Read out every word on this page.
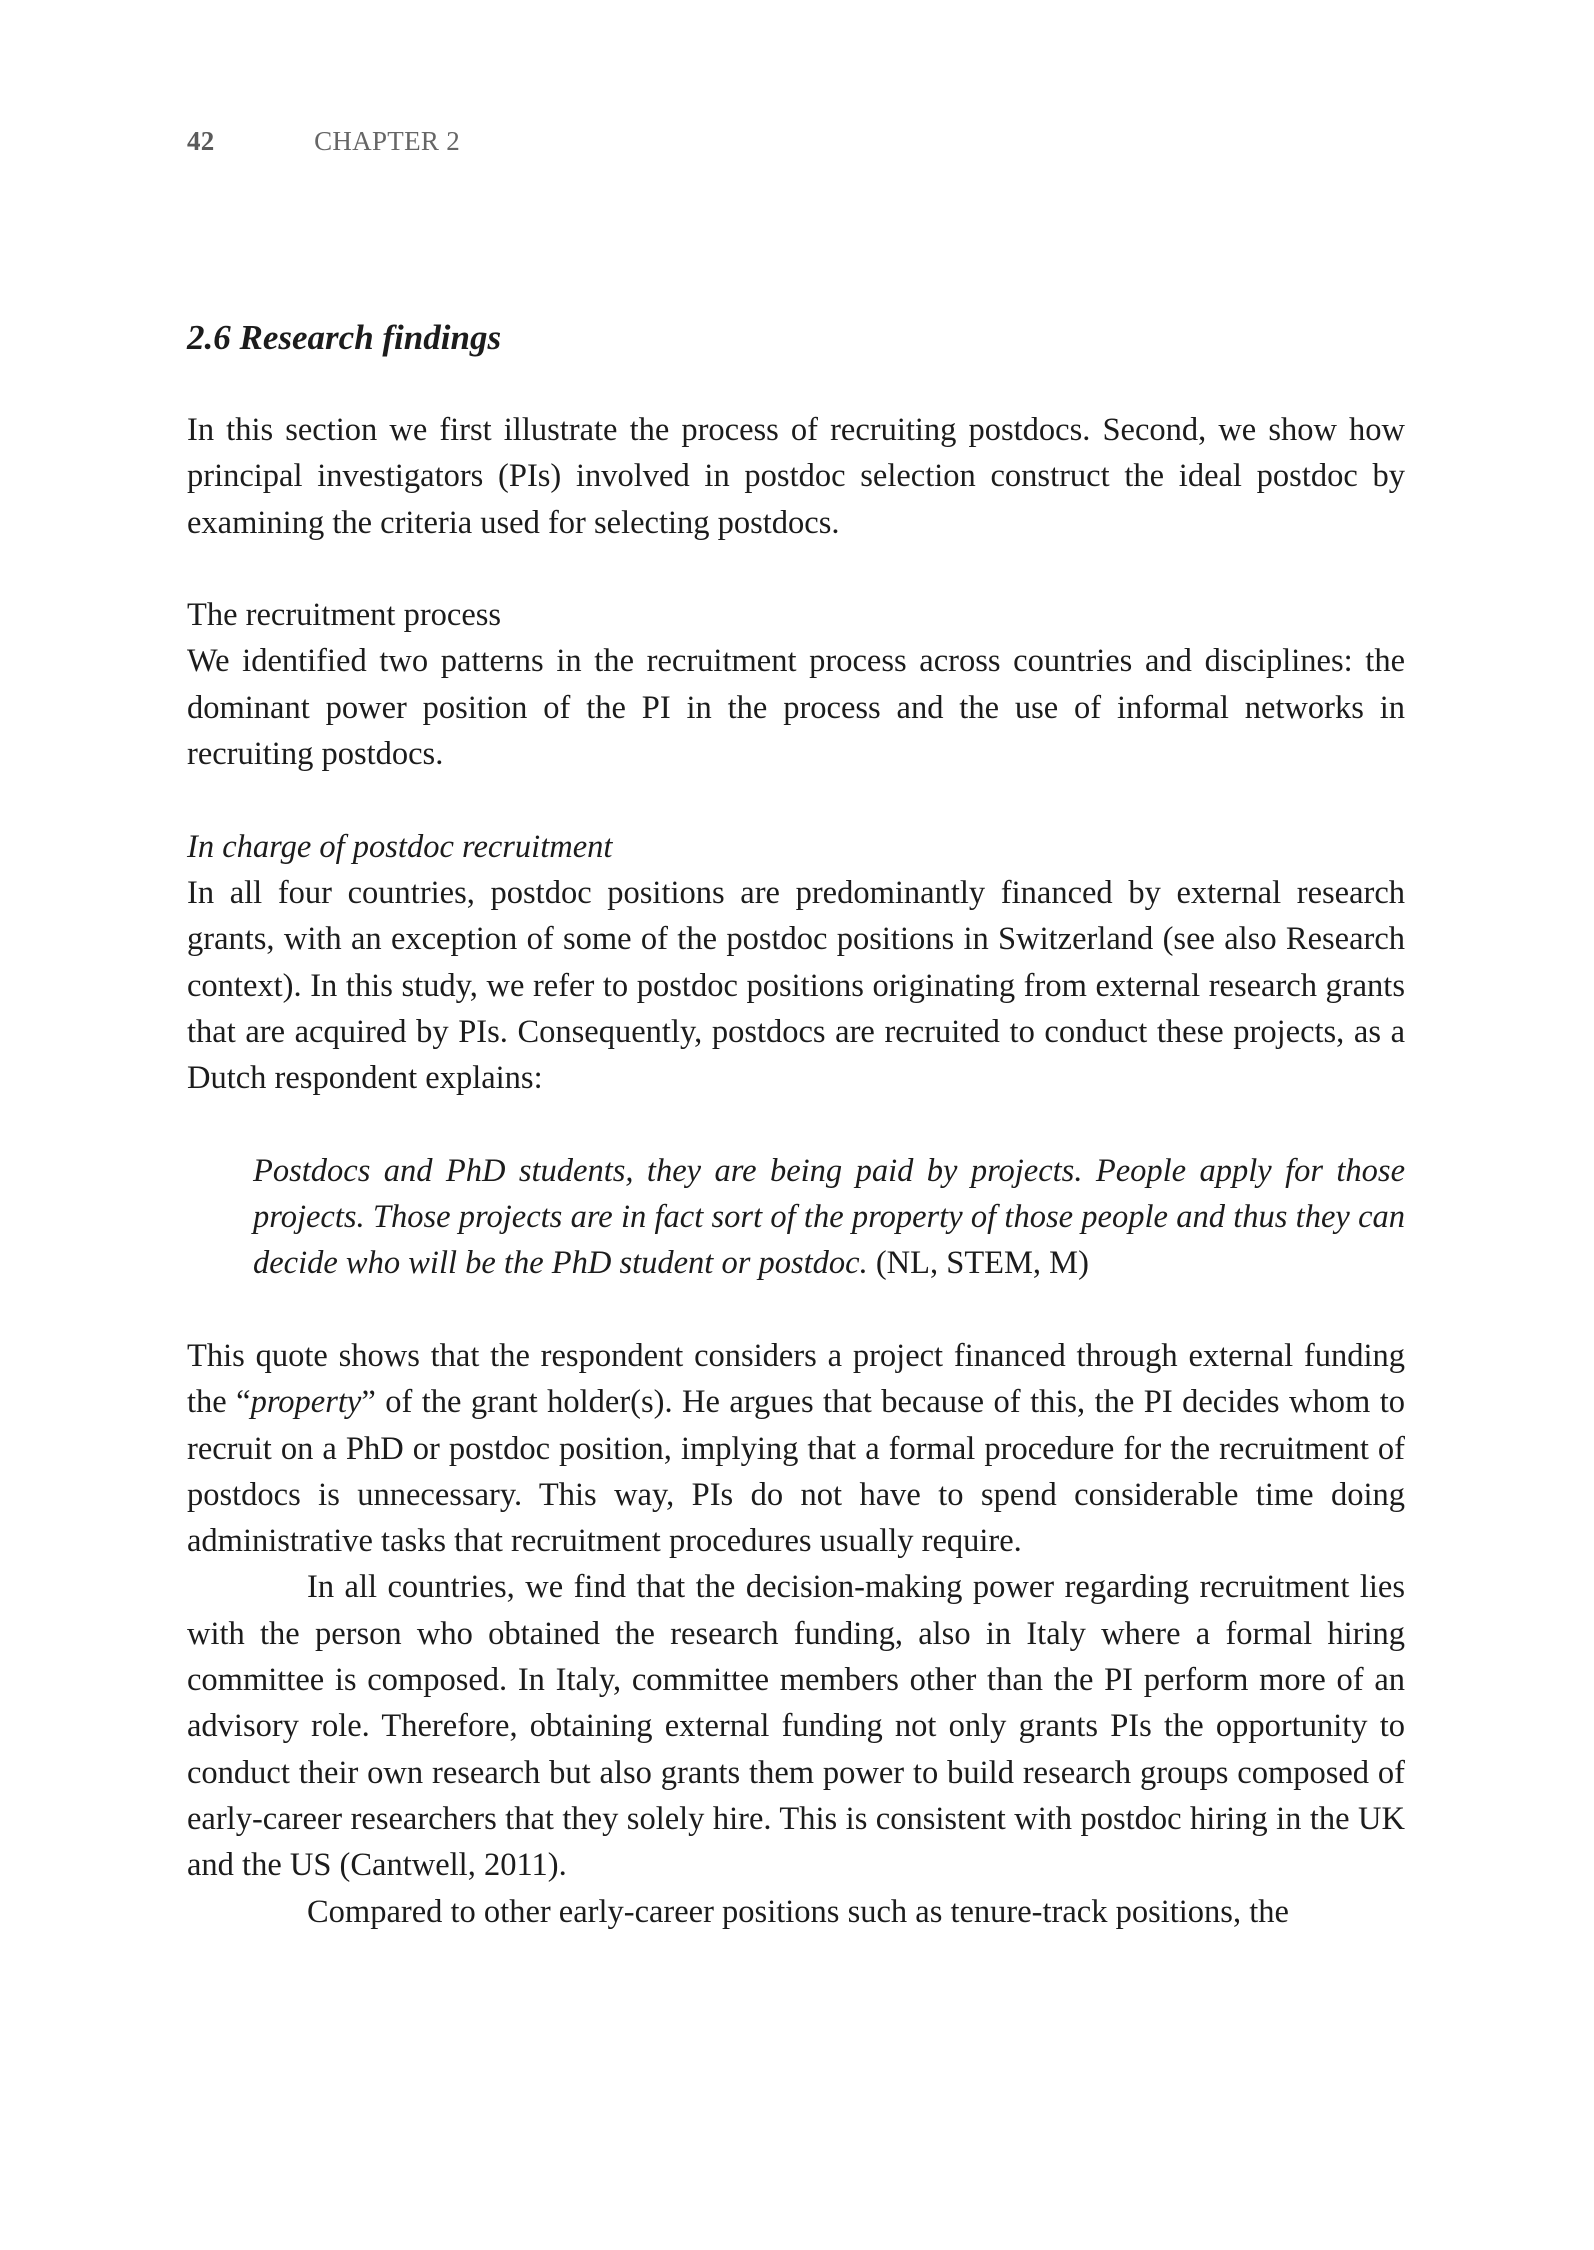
42	CHAPTER 2
2.6 Research findings

In this section we first illustrate the process of recruiting postdocs. Second, we show how principal investigators (PIs) involved in postdoc selection construct the ideal postdoc by examining the criteria used for selecting postdocs.

The recruitment process

We identified two patterns in the recruitment process across countries and disciplines: the dominant power position of the PI in the process and the use of informal networks in recruiting postdocs.

In charge of postdoc recruitment

In all four countries, postdoc positions are predominantly financed by external research grants, with an exception of some of the postdoc positions in Switzerland (see also Research context). In this study, we refer to postdoc positions originating from external research grants that are acquired by PIs. Consequently, postdocs are recruited to conduct these projects, as a Dutch respondent explains:

Postdocs and PhD students, they are being paid by projects. People apply for those projects. Those projects are in fact sort of the property of those people and thus they can decide who will be the PhD student or postdoc. (NL, STEM, M)

This quote shows that the respondent considers a project financed through external funding the “property” of the grant holder(s). He argues that because of this, the PI decides whom to recruit on a PhD or postdoc position, implying that a formal procedure for the recruitment of postdocs is unnecessary. This way, PIs do not have to spend considerable time doing administrative tasks that recruitment procedures usually require.

In all countries, we find that the decision-making power regarding recruitment lies with the person who obtained the research funding, also in Italy where a formal hiring committee is composed. In Italy, committee members other than the PI perform more of an advisory role. Therefore, obtaining external funding not only grants PIs the opportunity to conduct their own research but also grants them power to build research groups composed of early-career researchers that they solely hire. This is consistent with postdoc hiring in the UK and the US (Cantwell, 2011).

Compared to other early-career positions such as tenure-track positions, the
